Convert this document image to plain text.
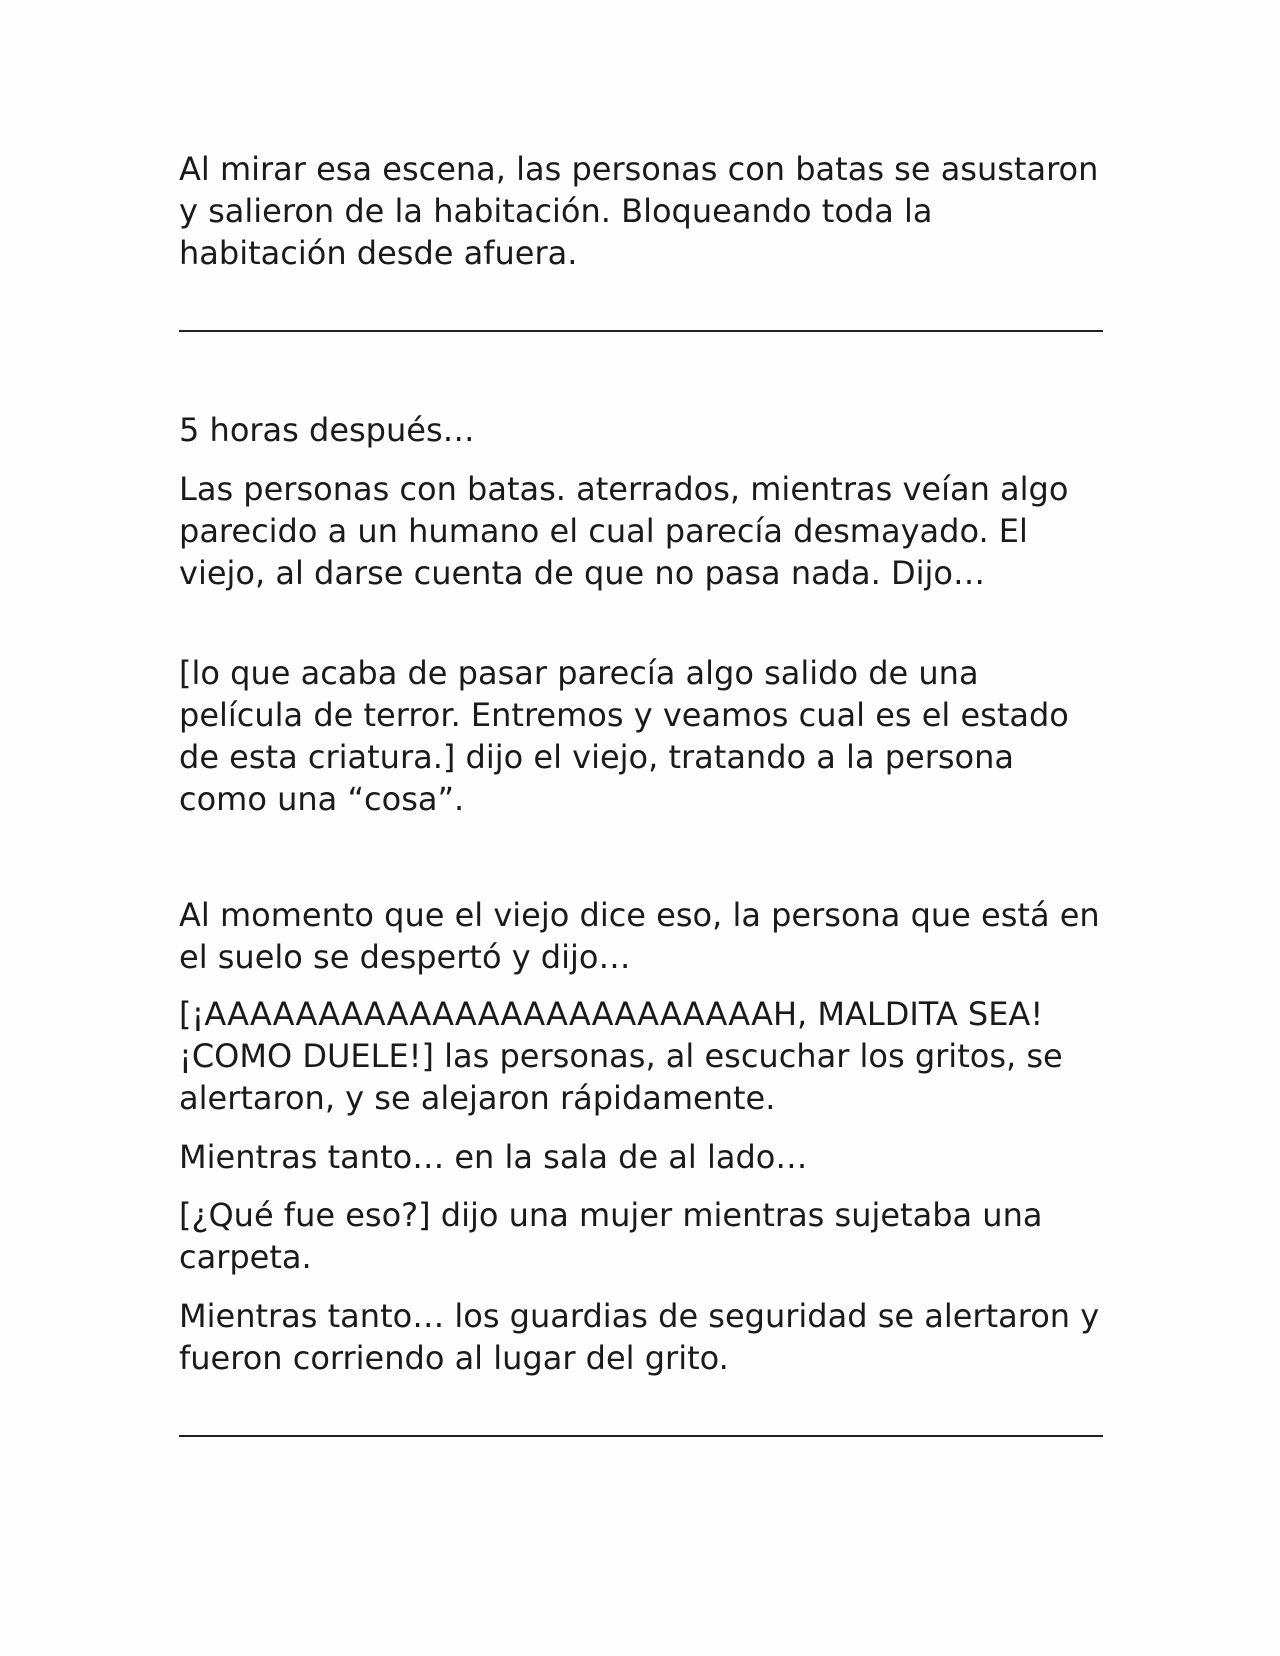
Al mirar esa escena, las personas con batas se asustaron y salieron de la habitación. Bloqueando toda la habitación desde afuera.

5 horas después…

Las personas con batas. aterrados, mientras veían algo parecido a un humano el cual parecía desmayado. El viejo, al darse cuenta de que no pasa nada. Dijo…

[lo que acaba de pasar parecía algo salido de una película de terror. Entremos y veamos cual es el estado de esta criatura.] dijo el viejo, tratando a la persona como una “cosa”.

Al momento que el viejo dice eso, la persona que está en el suelo se despertó y dijo…

[¡AAAAAAAAAAAAAAAAAAAAAAAAAH, MALDITA SEA! ¡COMO DUELE!] las personas, al escuchar los gritos, se alertaron, y se alejaron rápidamente.

Mientras tanto… en la sala de al lado…

[¿Qué fue eso?] dijo una mujer mientras sujetaba una carpeta.

Mientras tanto… los guardias de seguridad se alertaron y fueron corriendo al lugar del grito.
